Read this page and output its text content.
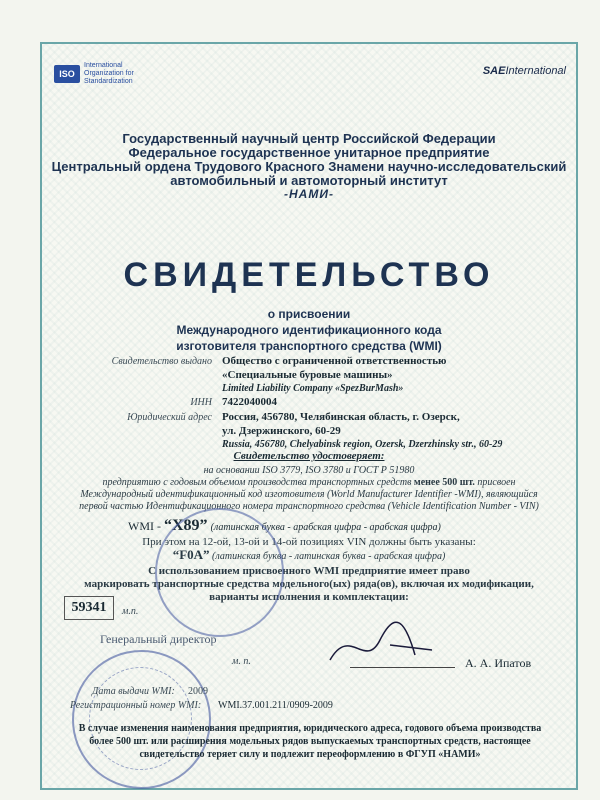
ISO
International Organization for Standardization
SAEInternational
Государственный научный центр Российской Федерации
Федеральное государственное унитарное предприятие
Центральный ордена Трудового Красного Знамени научно-исследовательский
автомобильный и автомоторный институт
-НАМИ-
СВИДЕТЕЛЬСТВО
о присвоении
Международного идентификационного кода
изготовителя транспортного средства (WMI)
Свидетельство выдано Общество с ограниченной ответственностью
«Специальные буровые машины»
Limited Liability Company «SpezBurMash»
ИНН 7422040004
Юридический адрес Россия, 456780, Челябинская область, г. Озерск,
ул. Дзержинского, 60-29
Russia, 456780, Chelyabinsk region, Ozersk, Dzerzhinsky str., 60-29
Свидетельство удостоверяет:
на основании ISO 3779, ISO 3780 и ГОСТ Р 51980
предприятию с годовым объемом производства транспортных средств менее 500 шт. присвоен
Международный идентификационный код изготовителя (World Manufacturer Identifier -WMI), являющийся
первой частью Идентификационного номера транспортного средства (Vehicle Identification Number - VIN)
WMI - “X89” (латинская буква - арабская цифра - арабская цифра)
При этом на 12-ой, 13-ой и 14-ой позициях VIN должны быть указаны:
“F0A” (латинская буква - латинская буква - арабская цифра)
С использованием присвоенного WMI предприятие имеет право
маркировать транспортные средства модельного(ых) ряда(ов), включая их модификации,
варианты исполнения и комплектации:
59341	м.п.
Генеральный директор
м. п.	А. А. Ипатов
Дата выдачи WMI: 2009
Регистрационный номер WMI: WMI.37.001.211/0909-2009
В случае изменения наименования предприятия, юридического адреса, годового объема производства
более 500 шт. или расширения модельных рядов выпускаемых транспортных средств, настоящее
свидетельство теряет силу и подлежит переоформлению в ФГУП «НАМИ»
